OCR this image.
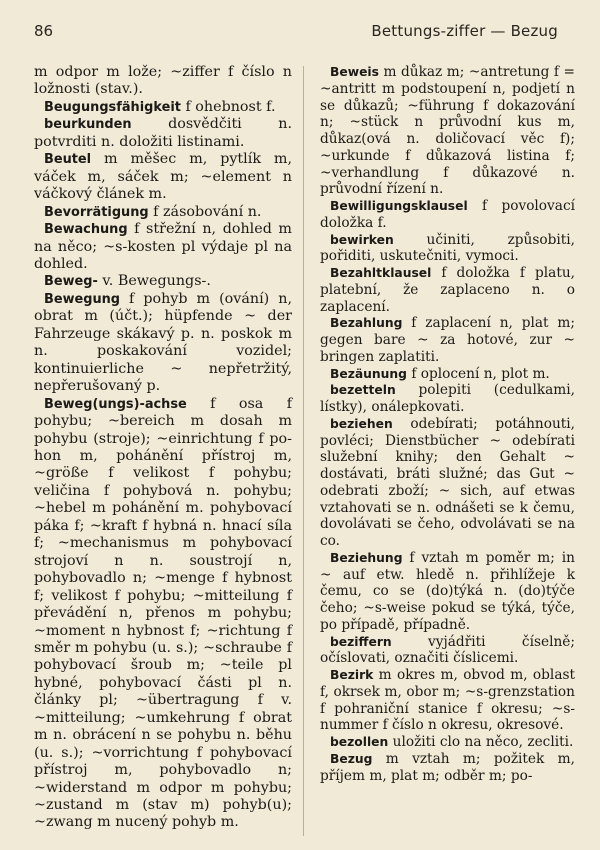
86	Bettungs-ziffer — Bezug

m odpor m lože; ~ziffer f číslo n ložnosti (stav.).

Beugungsfähigkeit f ohebnost f.

beurkunden dosvědčiti n. potvrditi n. doložiti listinami.

Beutel m měšec m, pytlík m, váček m, sáček m; ~element n váčkový článek m.

Bevorrätigung f zásobování n.

Bewachung f střežní n, dohled m na něco; ~s-kosten pl výdaje pl na dohled.

Beweg- v. Bewegungs-.

Bewegung f pohyb m (ování) n, obrat m (účt.); hüpfende ~ der Fahrzeuge skákavý p. n. poskok m n. poskakování vozidel; kontinuierliche ~ nepřetržitý, nepřerušovaný p.

Beweg(ungs)-achse f osa f pohybu; ~bereich m dosah m pohybu (stroje); ~einrichtung f po-hon m, pohánění přístroj m, ~größe f velikost f pohybu; veličina f pohybová n. pohybu; ~hebel m pohánění m. pohybovací páka f; ~kraft f hybná n. hnací síla f; ~mechanismus m pohybovací strojoví n n. soustrojí n, pohybovadlo n; ~menge f hybnost f; velikost f pohybu; ~mitteilung f převádění n, přenos m pohybu; ~moment n hybnost f; ~richtung f směr m pohybu (u. s.); ~schraube f pohybovací šroub m; ~teile pl hybné, pohybovací části pl n. články pl; ~übertragung f v. ~mitteilung; ~umkehrung f obrat m n. obrácení n se pohybu n. běhu (u. s.); ~vorrichtung f pohybovací přístroj m, pohybovadlo n; ~widerstand m odpor m pohybu; ~zustand m (stav m) pohyb(u); ~zwang m nucený pohyb m.

Beweis m důkaz m; ~antretung f = ~antritt m podstoupení n, podjetí n se důkazů; ~führung f dokazování n; ~stück n průvodní kus m, důkaz(ová n. doličovací věc f); ~urkunde f důkazová listina f; ~verhandlung f důkazové n. průvodní řízení n.

Bewilligungsklausel f povolovací doložka f.

bewirken učiniti, způsobiti, pořiditi, uskutečniti, vymoci.

Bezahltklausel f doložka f platu, platební, že zaplaceno n. o zaplacení.

Bezahlung f zaplacení n, plat m; gegen bare ~ za hotové, zur ~ bringen zaplatiti.

Bezäunung f oplocení n, plot m.

bezetteln polepiti (cedulkami, lístky), onálepkovati.

beziehen odebírati; potáhnouti, povléci; Dienstbücher ~ odebírati služební knihy; den Gehalt ~ dostávati, bráti služné; das Gut ~ odebrati zboží; ~ sich, auf etwas vztahovati se n. odnášeti se k čemu, dovolávati se čeho, odvolávati se na co.

Beziehung f vztah m poměr m; in ~ auf etw. hledě n. přihlížeje k čemu, co se (do)týká n. (do)týče čeho; ~s-weise pokud se týká, týče, po případě, případně.

beziffern vyjádřiti číselně; očíslovati, označiti číslicemi.

Bezirk m okres m, obvod m, oblast f, okrsek m, obor m; ~s-grenzstation f pohraniční stanice f okresu; ~s-nummer f číslo n okresu, okresové.

bezollen uložiti clo na něco, zecliti.

Bezug m vztah m; požitek m, příjem m, plat m; odběr m; po-
